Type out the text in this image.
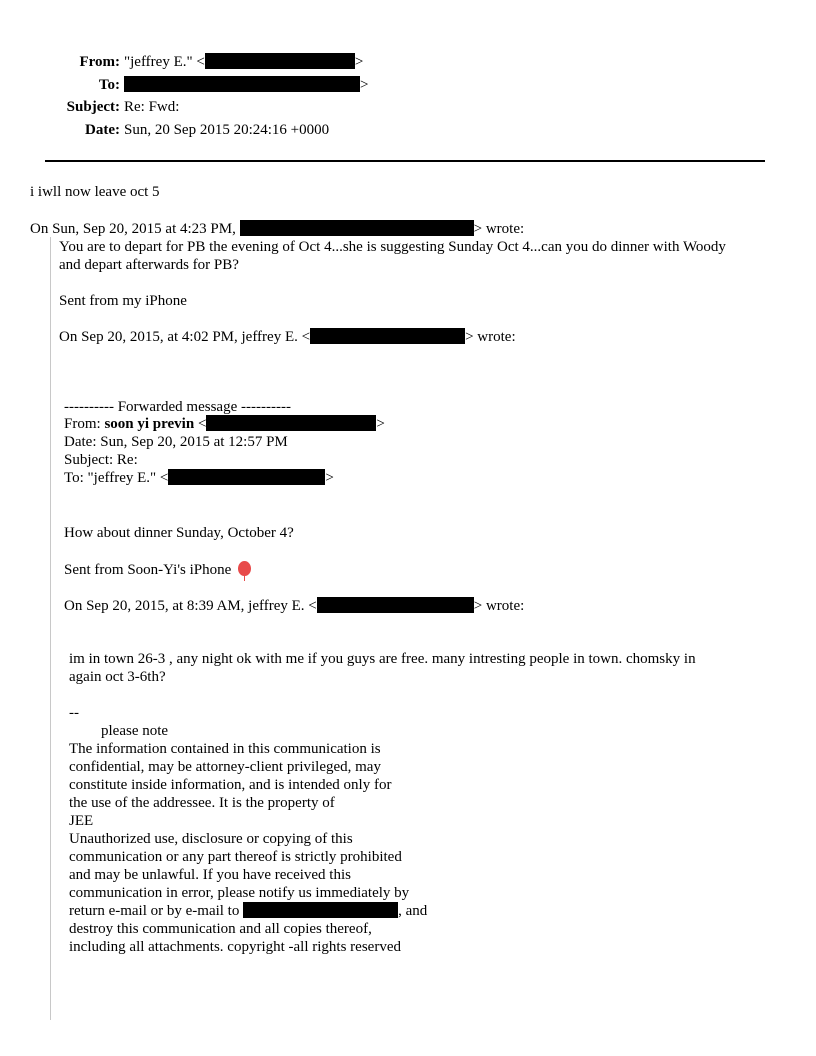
From: "jeffrey E." <	>
To:	>
Subject: Re: Fwd:
Date: Sun, 20 Sep 2015 20:24:16 +0000
i iwll now leave oct 5
On Sun, Sep 20, 2015 at 4:23 PM,	> wrote:
You are to depart for PB the evening of Oct 4...she is suggesting Sunday Oct 4...can you do dinner with Woody
and depart afterwards for PB?
Sent from my iPhone
On Sep 20, 2015, at 4:02 PM, jeffrey E. <	> wrote:
---------- Forwarded message ----------
From: soon yi previn <	>
Date: Sun, Sep 20, 2015 at 12:57 PM
Subject: Re:
To: "jeffrey E." <	>
How about dinner Sunday, October 4?
Sent from Soon-Yi's iPhone
On Sep 20, 2015, at 8:39 AM, jeffrey E. <	> wrote:
im in town 26-3 , any night ok with me if you guys are free. many intresting people in town. chomsky in
again oct 3-6th?
--
please note
The information contained in this communication is
confidential, may be attorney-client privileged, may
constitute inside information, and is intended only for
the use of the addressee. It is the property of
JEE
Unauthorized use, disclosure or copying of this
communication or any part thereof is strictly prohibited
and may be unlawful. If you have received this
communication in error, please notify us immediately by
return e-mail or by e-mail to	, and
destroy this communication and all copies thereof,
including all attachments. copyright -all rights reserved
